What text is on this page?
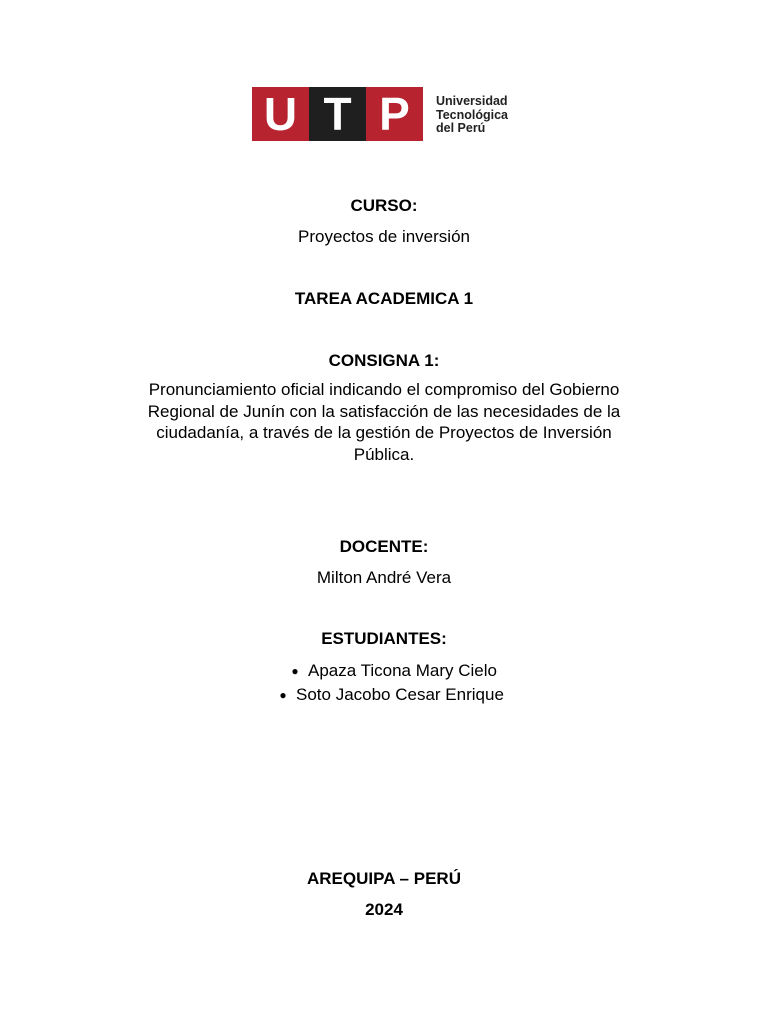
U T P	Universidad
Tecnológica
del Perú
CURSO:
Proyectos de inversión
TAREA ACADEMICA 1
CONSIGNA 1:
Pronunciamiento oficial indicando el compromiso del Gobierno Regional de Junín con la satisfacción de las necesidades de la ciudadanía, a través de la gestión de Proyectos de Inversión Pública.
DOCENTE:
Milton André Vera
ESTUDIANTES:
● Apaza Ticona Mary Cielo
● Soto Jacobo Cesar Enrique
AREQUIPA – PERÚ
2024
